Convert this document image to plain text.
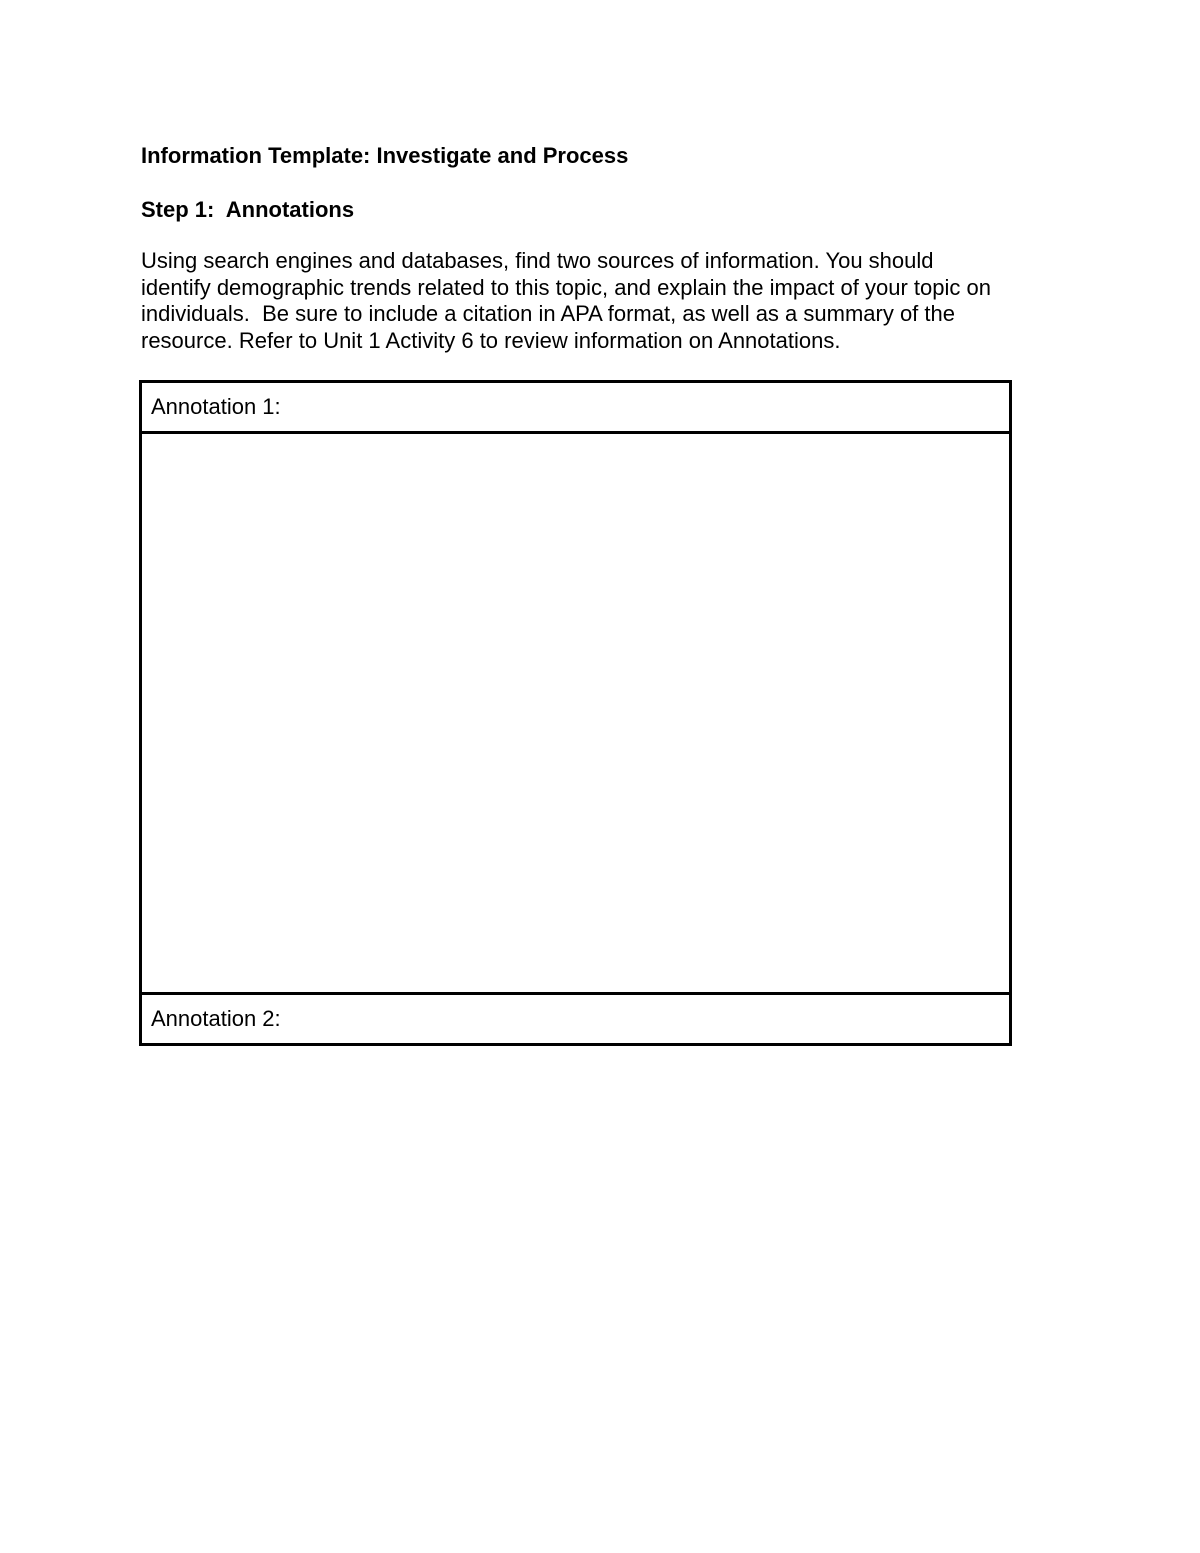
Information Template: Investigate and Process
Step 1:  Annotations

Using search engines and databases, find two sources of information. You should
identify demographic trends related to this topic, and explain the impact of your topic on
individuals.  Be sure to include a citation in APA format, as well as a summary of the
resource. Refer to Unit 1 Activity 6 to review information on Annotations.

Annotation 1:

Annotation 2:
